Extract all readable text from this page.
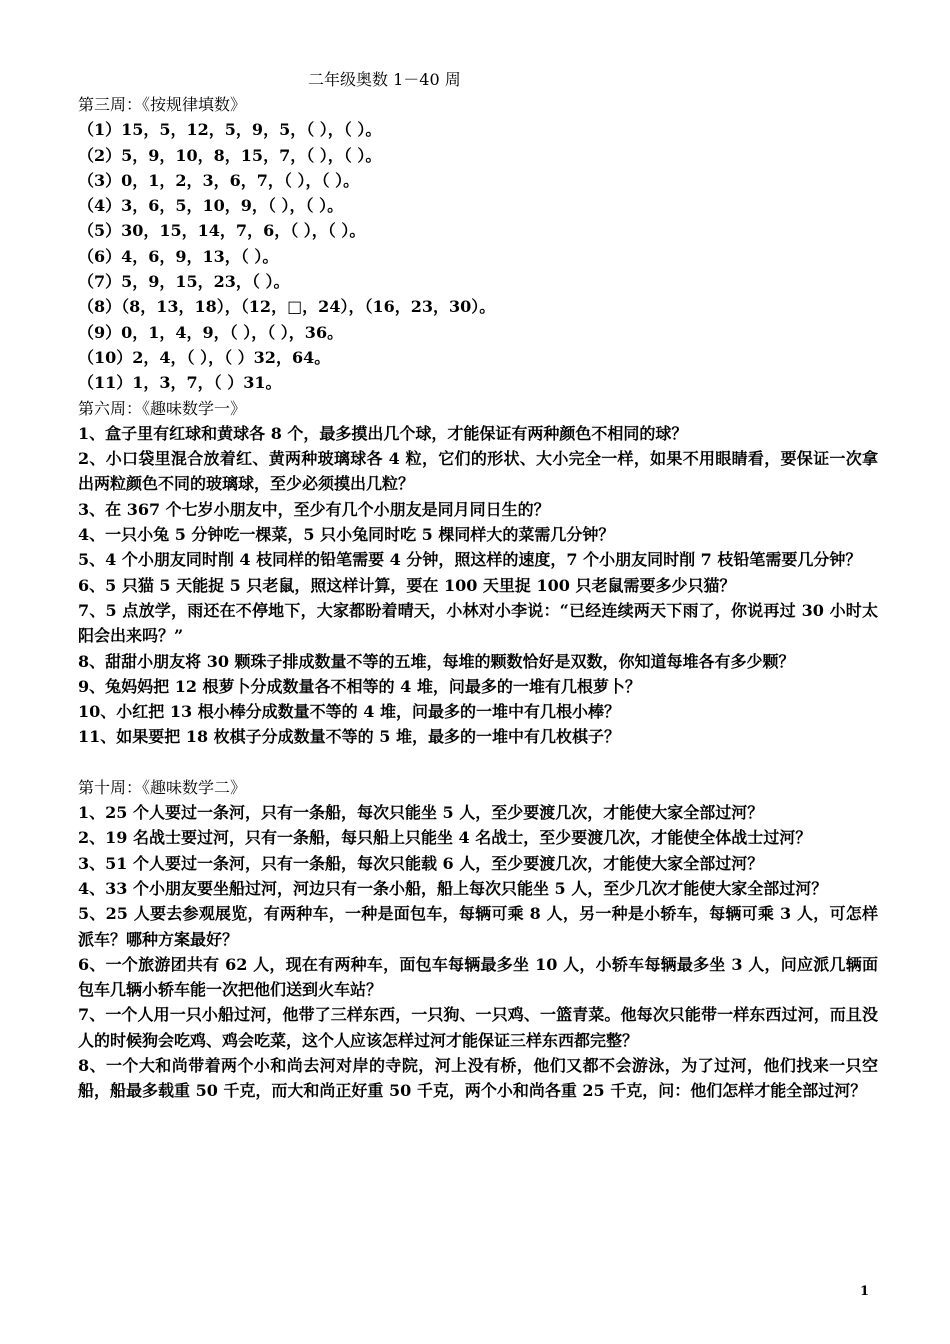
二年级奥数 1－40 周

第三周：《按规律填数》

（1）15，5，12，5，9，5，（ ），（ ）。

（2）5，9，10，8，15，7，（ ），（ ）。

（3）0，1，2，3，6，7，（ ），（ ）。

（4）3，6，5，10，9，（ ），（ ）。

（5）30，15，14，7，6，（ ），（ ）。

（6）4，6，9，13，（ ）。

（7）5，9，15，23，（ ）。

（8）（8，13，18），（12，□，24），（16，23，30）。

（9）0，1，4，9，（ ），（ ），36。

（10）2，4，（ ），（ ）32，64。

（11）1，3，7，（ ）31。

第六周：《趣味数学一》

1、盒子里有红球和黄球各 8 个，最多摸出几个球，才能保证有两种颜色不相同的球？

2、小口袋里混合放着红、黄两种玻璃球各 4 粒，它们的形状、大小完全一样，如果不用眼睛看，要保证一次拿出两粒颜色不同的玻璃球，至少必须摸出几粒？

3、在 367 个七岁小朋友中，至少有几个小朋友是同月同日生的？

4、一只小兔 5 分钟吃一棵菜，5 只小兔同时吃 5 棵同样大的菜需几分钟？

5、4 个小朋友同时削 4 枝同样的铅笔需要 4 分钟，照这样的速度，7 个小朋友同时削 7 枝铅笔需要几分钟？

6、5 只猫 5 天能捉 5 只老鼠，照这样计算，要在 100 天里捉 100 只老鼠需要多少只猫？

7、5 点放学，雨还在不停地下，大家都盼着晴天，小林对小李说：“已经连续两天下雨了，你说再过 30 小时太阳会出来吗？”

8、甜甜小朋友将 30 颗珠子排成数量不等的五堆，每堆的颗数恰好是双数，你知道每堆各有多少颗？

9、兔妈妈把 12 根萝卜分成数量各不相等的 4 堆，问最多的一堆有几根萝卜？

10、小红把 13 根小棒分成数量不等的 4 堆，问最多的一堆中有几根小棒？

11、如果要把 18 枚棋子分成数量不等的 5 堆，最多的一堆中有几枚棋子？

第十周：《趣味数学二》

1、25 个人要过一条河，只有一条船，每次只能坐 5 人，至少要渡几次，才能使大家全部过河？

2、19 名战士要过河，只有一条船，每只船上只能坐 4 名战士，至少要渡几次，才能使全体战士过河？

3、51 个人要过一条河，只有一条船，每次只能载 6 人，至少要渡几次，才能使大家全部过河？

4、33 个小朋友要坐船过河，河边只有一条小船，船上每次只能坐 5 人，至少几次才能使大家全部过河？

5、25 人要去参观展览，有两种车，一种是面包车，每辆可乘 8 人，另一种是小轿车，每辆可乘 3 人，可怎样派车？哪种方案最好？

6、一个旅游团共有 62 人，现在有两种车，面包车每辆最多坐 10 人，小轿车每辆最多坐 3 人，问应派几辆面包车几辆小轿车能一次把他们送到火车站？

7、一个人用一只小船过河，他带了三样东西，一只狗、一只鸡、一篮青菜。他每次只能带一样东西过河，而且没人的时候狗会吃鸡、鸡会吃菜，这个人应该怎样过河才能保证三样东西都完整？

8、一个大和尚带着两个小和尚去河对岸的寺院，河上没有桥，他们又都不会游泳，为了过河，他们找来一只空船，船最多载重 50 千克，而大和尚正好重 50 千克，两个小和尚各重 25 千克，问：他们怎样才能全部过河？

1
